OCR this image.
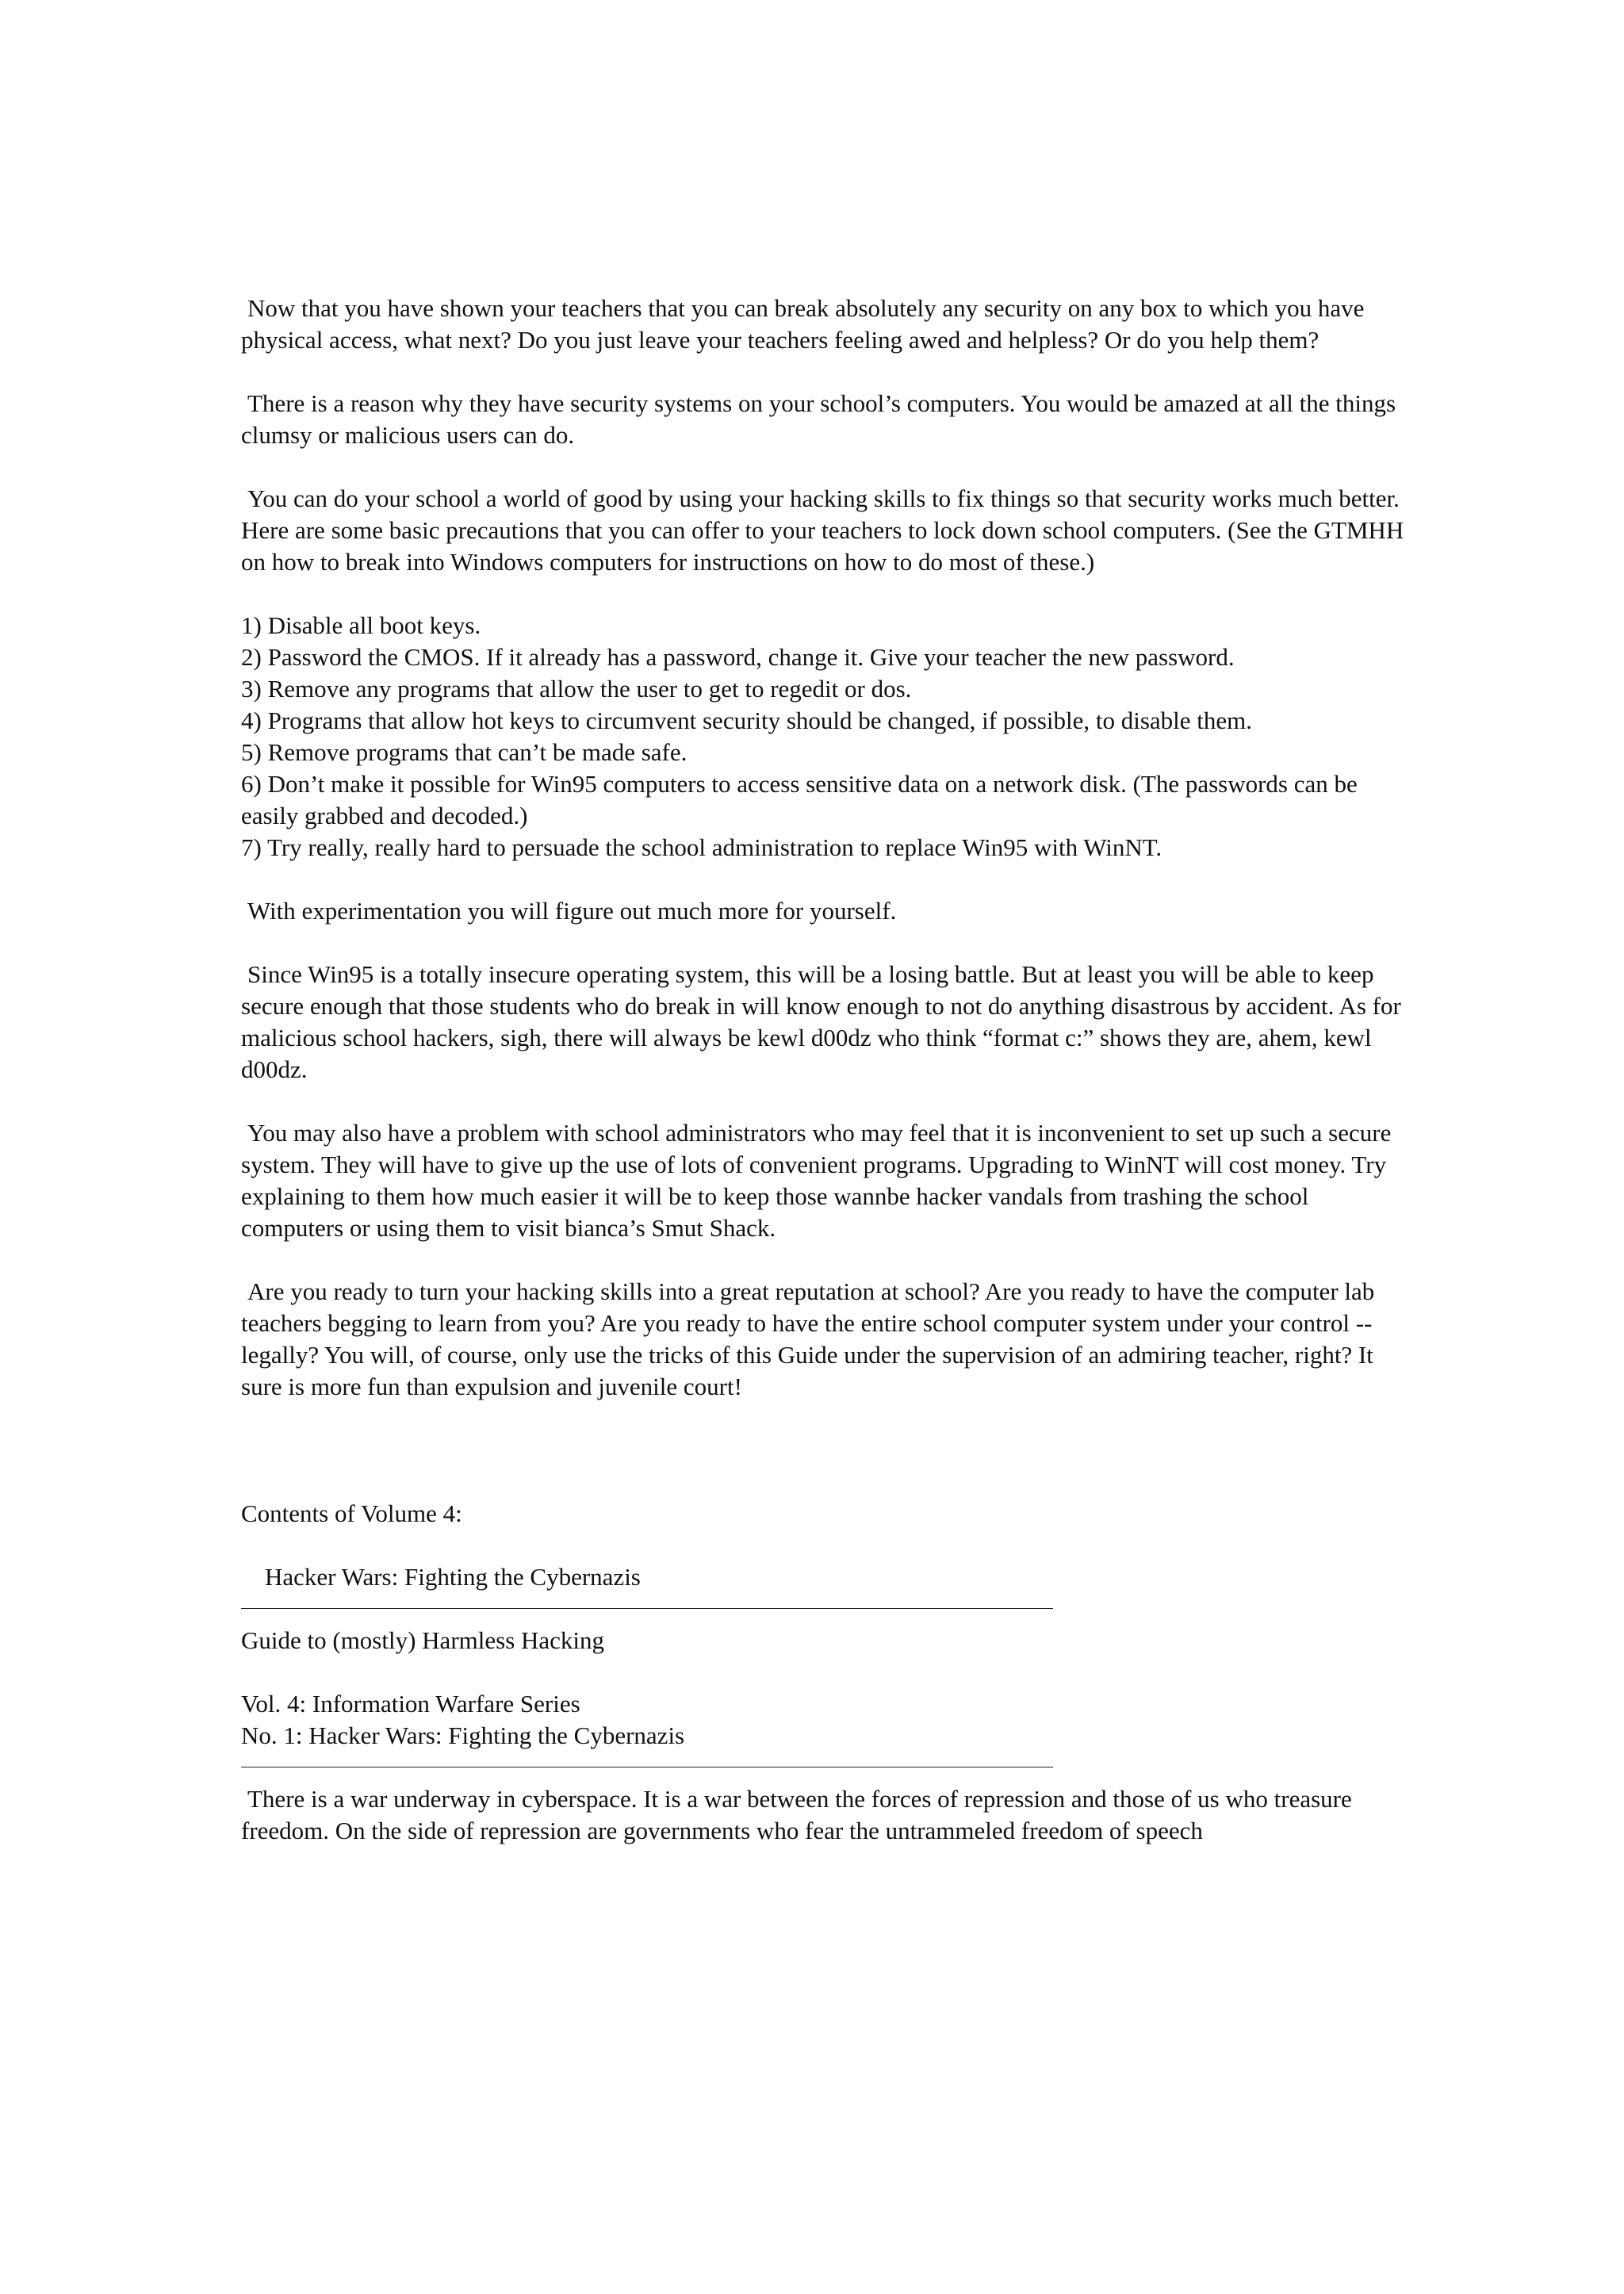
Now that you have shown your teachers that you can break absolutely any security on any box to which you have physical access, what next? Do you just leave your teachers feeling awed and helpless? Or do you help them?

There is a reason why they have security systems on your school’s computers. You would be amazed at all the things clumsy or malicious users can do.

You can do your school a world of good by using your hacking skills to fix things so that security works much better. Here are some basic precautions that you can offer to your teachers to lock down school computers. (See the GTMHH on how to break into Windows computers for instructions on how to do most of these.)

1) Disable all boot keys.

2) Password the CMOS. If it already has a password, change it. Give your teacher the new password.

3) Remove any programs that allow the user to get to regedit or dos.

4) Programs that allow hot keys to circumvent security should be changed, if possible, to disable them.

5) Remove programs that can’t be made safe.

6) Don’t make it possible for Win95 computers to access sensitive data on a network disk. (The passwords can be easily grabbed and decoded.)

7) Try really, really hard to persuade the school administration to replace Win95 with WinNT.

With experimentation you will figure out much more for yourself.

Since Win95 is a totally insecure operating system, this will be a losing battle. But at least you will be able to keep secure enough that those students who do break in will know enough to not do anything disastrous by accident. As for malicious school hackers, sigh, there will always be kewl d00dz who think “format c:” shows they are, ahem, kewl d00dz.

You may also have a problem with school administrators who may feel that it is inconvenient to set up such a secure system. They will have to give up the use of lots of convenient programs. Upgrading to WinNT will cost money. Try explaining to them how much easier it will be to keep those wannbe hacker vandals from trashing the school computers or using them to visit bianca’s Smut Shack.

Are you ready to turn your hacking skills into a great reputation at school? Are you ready to have the computer lab teachers begging to learn from you? Are you ready to have the entire school computer system under your control -- legally? You will, of course, only use the tricks of this Guide under the supervision of an admiring teacher, right? It sure is more fun than expulsion and juvenile court!

Contents of Volume 4:

Hacker Wars: Fighting the Cybernazis

Guide to (mostly) Harmless Hacking

Vol. 4: Information Warfare Series

No. 1: Hacker Wars: Fighting the Cybernazis

There is a war underway in cyberspace. It is a war between the forces of repression and those of us who treasure freedom. On the side of repression are governments who fear the untrammeled freedom of speech
